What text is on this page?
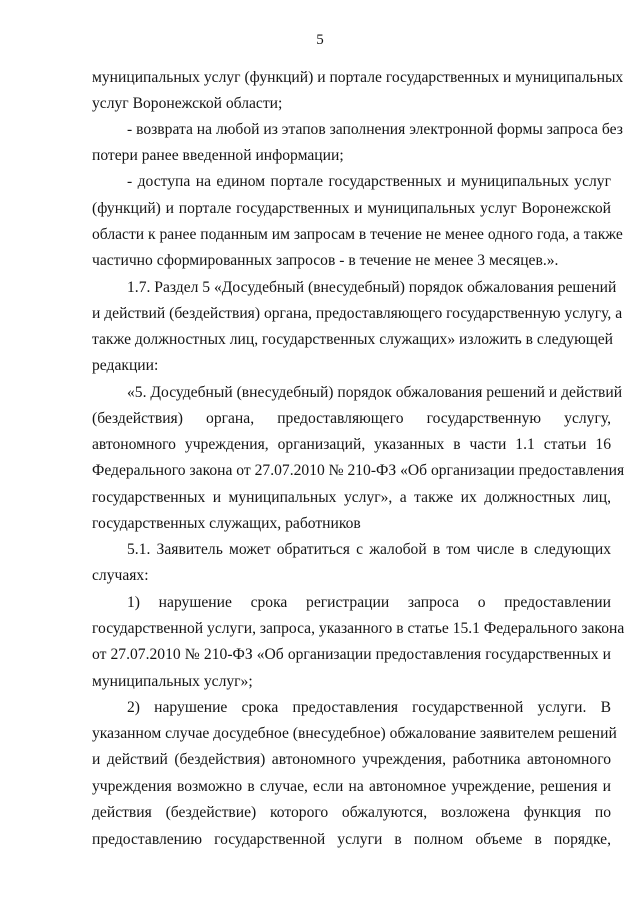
5
муниципальных услуг (функций) и портале государственных и муниципальных
услуг Воронежской области;
- возврата на любой из этапов заполнения электронной формы запроса без
потери ранее введенной информации;
- доступа на едином портале государственных и муниципальных услуг
(функций) и портале государственных и муниципальных услуг Воронежской
области к ранее поданным им запросам в течение не менее одного года, а также
частично сформированных запросов - в течение не менее 3 месяцев.».
1.7. Раздел 5 «Досудебный (внесудебный) порядок обжалования решений
и действий (бездействия) органа, предоставляющего государственную услугу, а
также должностных лиц, государственных служащих» изложить в следующей
редакции:
«5. Досудебный (внесудебный) порядок обжалования решений и действий
(бездействия) органа, предоставляющего государственную услугу,
автономного учреждения, организаций, указанных в части 1.1 статьи 16
Федерального закона от 27.07.2010 № 210-ФЗ «Об организации предоставления
государственных и муниципальных услуг», а также их должностных лиц,
государственных служащих, работников
5.1. Заявитель может обратиться с жалобой в том числе в следующих
случаях:
1) нарушение срока регистрации запроса о предоставлении
государственной услуги, запроса, указанного в статье 15.1 Федерального закона
от 27.07.2010 № 210-ФЗ «Об организации предоставления государственных и
муниципальных услуг»;
2) нарушение срока предоставления государственной услуги. В
указанном случае досудебное (внесудебное) обжалование заявителем решений
и действий (бездействия) автономного учреждения, работника автономного
учреждения возможно в случае, если на автономное учреждение, решения и
действия (бездействие) которого обжалуются, возложена функция по
предоставлению государственной услуги в полном объеме в порядке,
